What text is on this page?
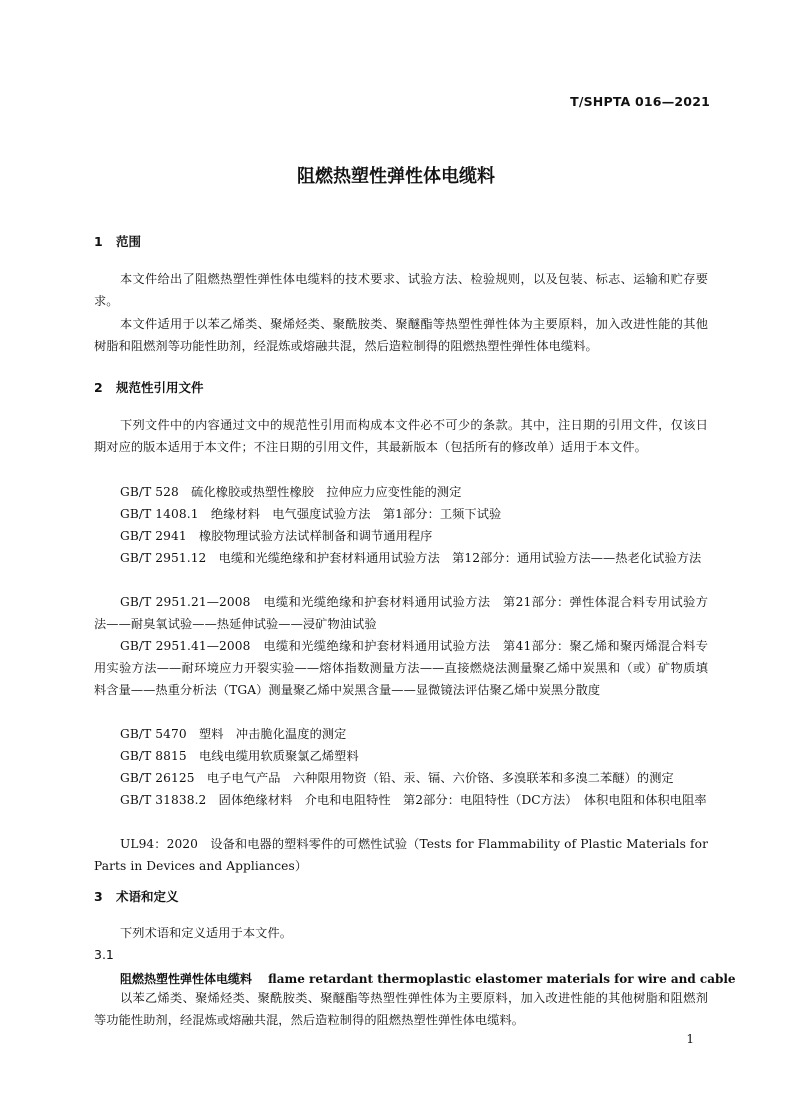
T/SHPTA 016—2021
阻燃热塑性弹性体电缆料
1 范围
本文件给出了阻燃热塑性弹性体电缆料的技术要求、试验方法、检验规则，以及包装、标志、运输和贮存要求。
本文件适用于以苯乙烯类、聚烯烃类、聚酰胺类、聚醚酯等热塑性弹性体为主要原料，加入改进性能的其他树脂和阻燃剂等功能性助剂，经混炼或熔融共混，然后造粒制得的阻燃热塑性弹性体电缆料。
2 规范性引用文件
下列文件中的内容通过文中的规范性引用而构成本文件必不可少的条款。其中，注日期的引用文件，仅该日期对应的版本适用于本文件；不注日期的引用文件，其最新版本（包括所有的修改单）适用于本文件。
GB/T 528　硫化橡胶或热塑性橡胶　拉伸应力应变性能的测定
GB/T 1408.1　绝缘材料　电气强度试验方法　第1部分：工频下试验
GB/T 2941　橡胶物理试验方法试样制备和调节通用程序
GB/T 2951.12　电缆和光缆绝缘和护套材料通用试验方法　第12部分：通用试验方法——热老化试验方法
GB/T 2951.21—2008　电缆和光缆绝缘和护套材料通用试验方法　第21部分：弹性体混合料专用试验方法——耐臭氧试验——热延伸试验——浸矿物油试验
GB/T 2951.41—2008　电缆和光缆绝缘和护套材料通用试验方法　第41部分：聚乙烯和聚丙烯混合料专用实验方法——耐环境应力开裂实验——熔体指数测量方法——直接燃烧法测量聚乙烯中炭黑和（或）矿物质填料含量——热重分析法（TGA）测量聚乙烯中炭黑含量——显微镜法评估聚乙烯中炭黑分散度
GB/T 5470　塑料　冲击脆化温度的测定
GB/T 8815　电线电缆用软质聚氯乙烯塑料
GB/T 26125　电子电气产品　六种限用物资（铅、汞、镉、六价铬、多溴联苯和多溴二苯醚）的测定
GB/T 31838.2　固体绝缘材料　介电和电阻特性　第2部分：电阻特性（DC方法）　体积电阻和体积电阻率
UL94：2020　设备和电器的塑料零件的可燃性试验（Tests for Flammability of Plastic Materials for Parts in Devices and Appliances）
3 术语和定义
下列术语和定义适用于本文件。
3.1
阻燃热塑性弹性体电缆料 flame retardant thermoplastic elastomer materials for wire and cable
以苯乙烯类、聚烯烃类、聚酰胺类、聚醚酯等热塑性弹性体为主要原料，加入改进性能的其他树脂和阻燃剂等功能性助剂，经混炼或熔融共混，然后造粒制得的阻燃热塑性弹性体电缆料。
1
